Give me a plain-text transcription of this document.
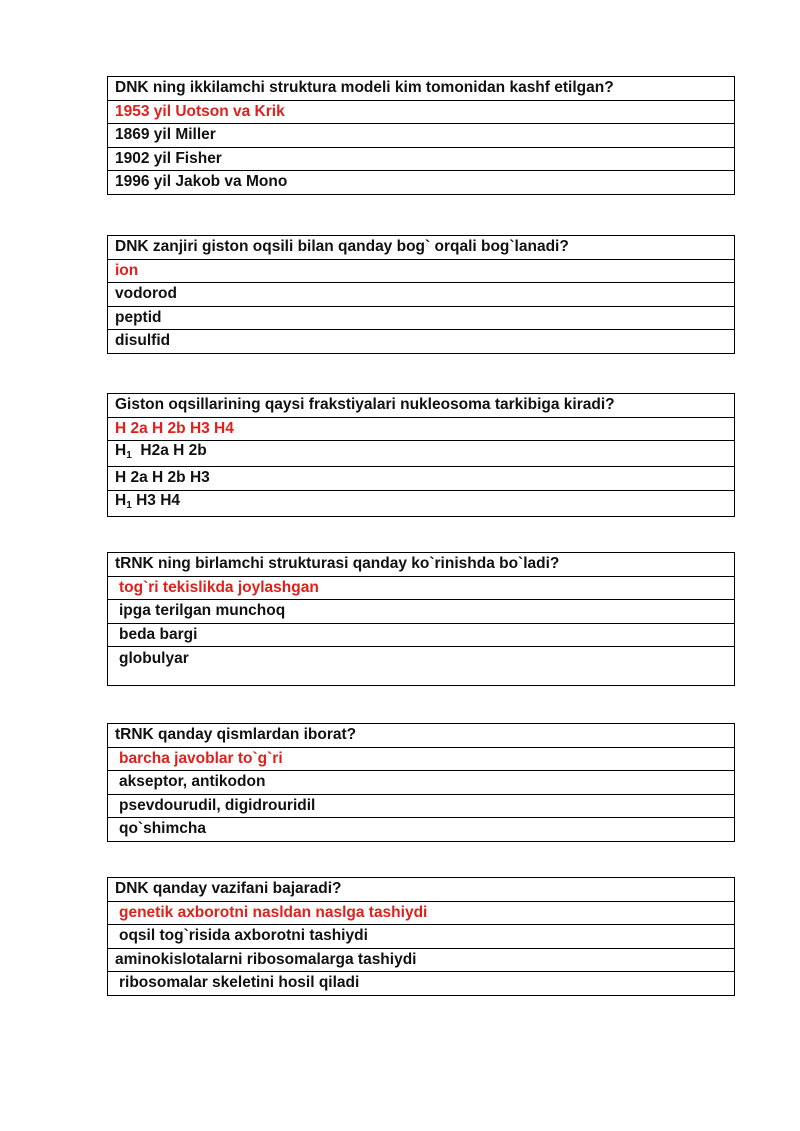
DNK ning ikkilamchi struktura modeli kim tomonidan kashf etilgan?
1953 yil Uotson va Krik
1869 yil Miller
1902 yil Fisher
1996 yil Jakob va Mono
DNK zanjiri giston oqsili bilan qanday bog` orqali bog`lanadi?
ion
vodorod
peptid
disulfid
Giston oqsillarining qaysi frakstiyalari nukleosoma tarkibiga kiradi?
H 2a H 2b H3 H4
$H_1$  H2a H 2b
H 2a H 2b H3
$H_1$ H3 H4
tRNK ning birlamchi strukturasi qanday ko`rinishda bo`ladi?
tog`ri tekislikda joylashgan
ipga terilgan munchoq
beda bargi
globulyar
tRNK qanday qismlardan iborat?
barcha javoblar to`g`ri
akseptor, antikodon
psevdourudil, digidrouridil
qo`shimcha
DNK qanday vazifani bajaradi?
genetik axborotni nasldan naslga tashiydi
oqsil tog`risida axborotni tashiydi
aminokislotalarni ribosomalarga tashiydi
ribosomalar skeletini hosil qiladi
